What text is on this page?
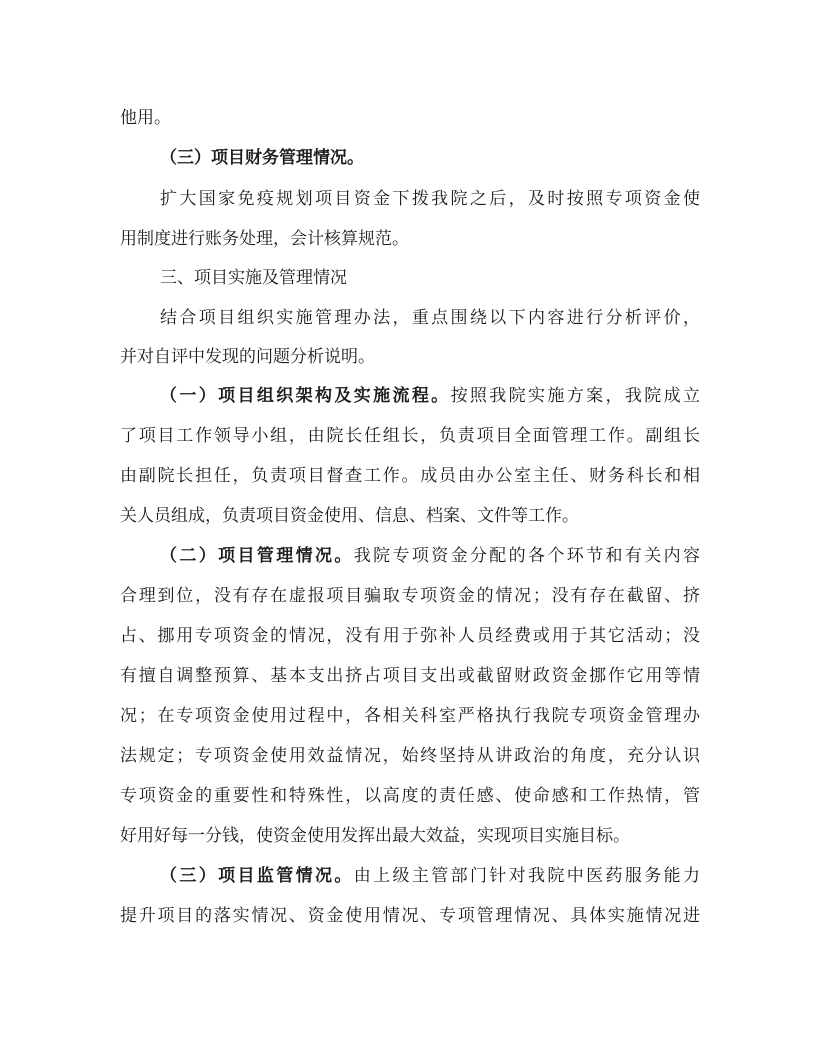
他用。
（三）项目财务管理情况。
扩大国家免疫规划项目资金下拨我院之后，及时按照专项资金使
用制度进行账务处理，会计核算规范。
三、项目实施及管理情况
结合项目组织实施管理办法，重点围绕以下内容进行分析评价，
并对自评中发现的问题分析说明。
（一）项目组织架构及实施流程。按照我院实施方案，我院成立
了项目工作领导小组，由院长任组长，负责项目全面管理工作。副组长
由副院长担任，负责项目督查工作。成员由办公室主任、财务科长和相
关人员组成，负责项目资金使用、信息、档案、文件等工作。
（二）项目管理情况。我院专项资金分配的各个环节和有关内容
合理到位，没有存在虚报项目骗取专项资金的情况；没有存在截留、挤
占、挪用专项资金的情况，没有用于弥补人员经费或用于其它活动；没
有擅自调整预算、基本支出挤占项目支出或截留财政资金挪作它用等情
况；在专项资金使用过程中，各相关科室严格执行我院专项资金管理办
法规定；专项资金使用效益情况，始终坚持从讲政治的角度，充分认识
专项资金的重要性和特殊性，以高度的责任感、使命感和工作热情，管
好用好每一分钱，使资金使用发挥出最大效益，实现项目实施目标。
（三）项目监管情况。由上级主管部门针对我院中医药服务能力
提升项目的落实情况、资金使用情况、专项管理情况、具体实施情况进
